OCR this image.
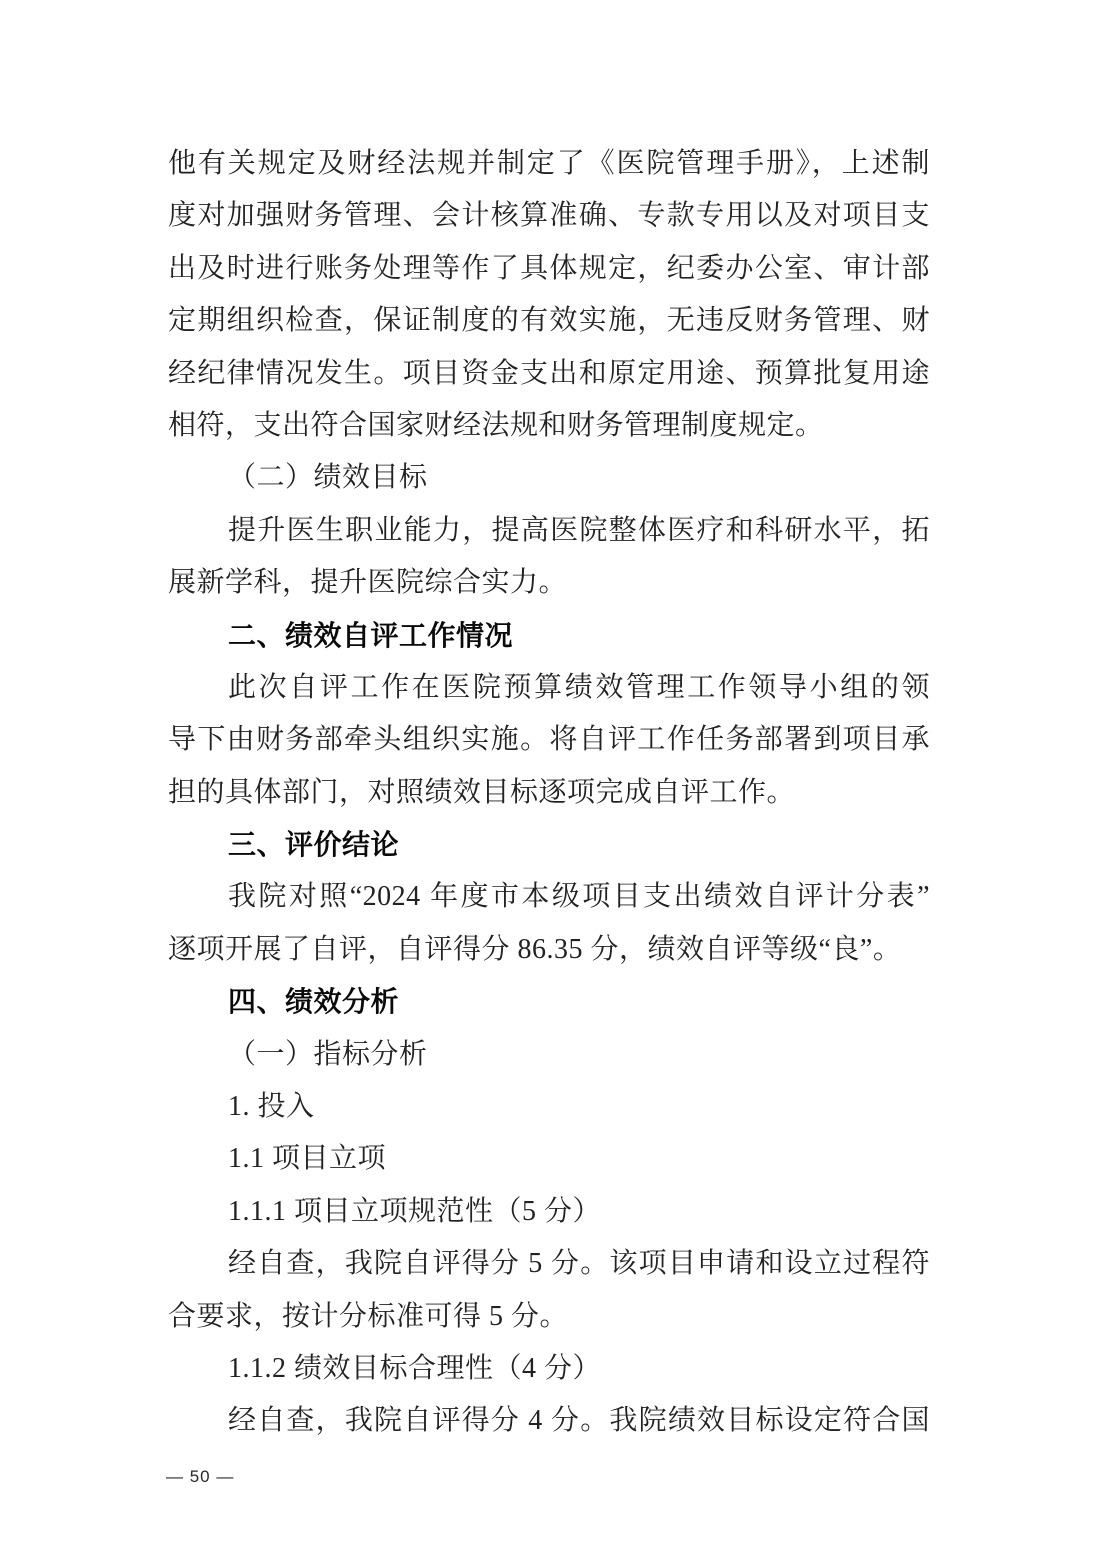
他有关规定及财经法规并制定了《医院管理手册》，上述制
度对加强财务管理、会计核算准确、专款专用以及对项目支
出及时进行账务处理等作了具体规定，纪委办公室、审计部
定期组织检查，保证制度的有效实施，无违反财务管理、财
经纪律情况发生。项目资金支出和原定用途、预算批复用途
相符，支出符合国家财经法规和财务管理制度规定。
（二）绩效目标
提升医生职业能力，提高医院整体医疗和科研水平，拓
展新学科，提升医院综合实力。
二、绩效自评工作情况
此次自评工作在医院预算绩效管理工作领导小组的领
导下由财务部牵头组织实施。将自评工作任务部署到项目承
担的具体部门，对照绩效目标逐项完成自评工作。
三、评价结论
我院对照“2024 年度市本级项目支出绩效自评计分表”
逐项开展了自评，自评得分 86.35 分，绩效自评等级“良”。
四、绩效分析
（一）指标分析
1. 投入
1.1 项目立项
1.1.1 项目立项规范性（5 分）
经自查，我院自评得分 5 分。该项目申请和设立过程符
合要求，按计分标准可得 5 分。
1.1.2 绩效目标合理性（4 分）
经自查，我院自评得分 4 分。我院绩效目标设定符合国
— 50 —
